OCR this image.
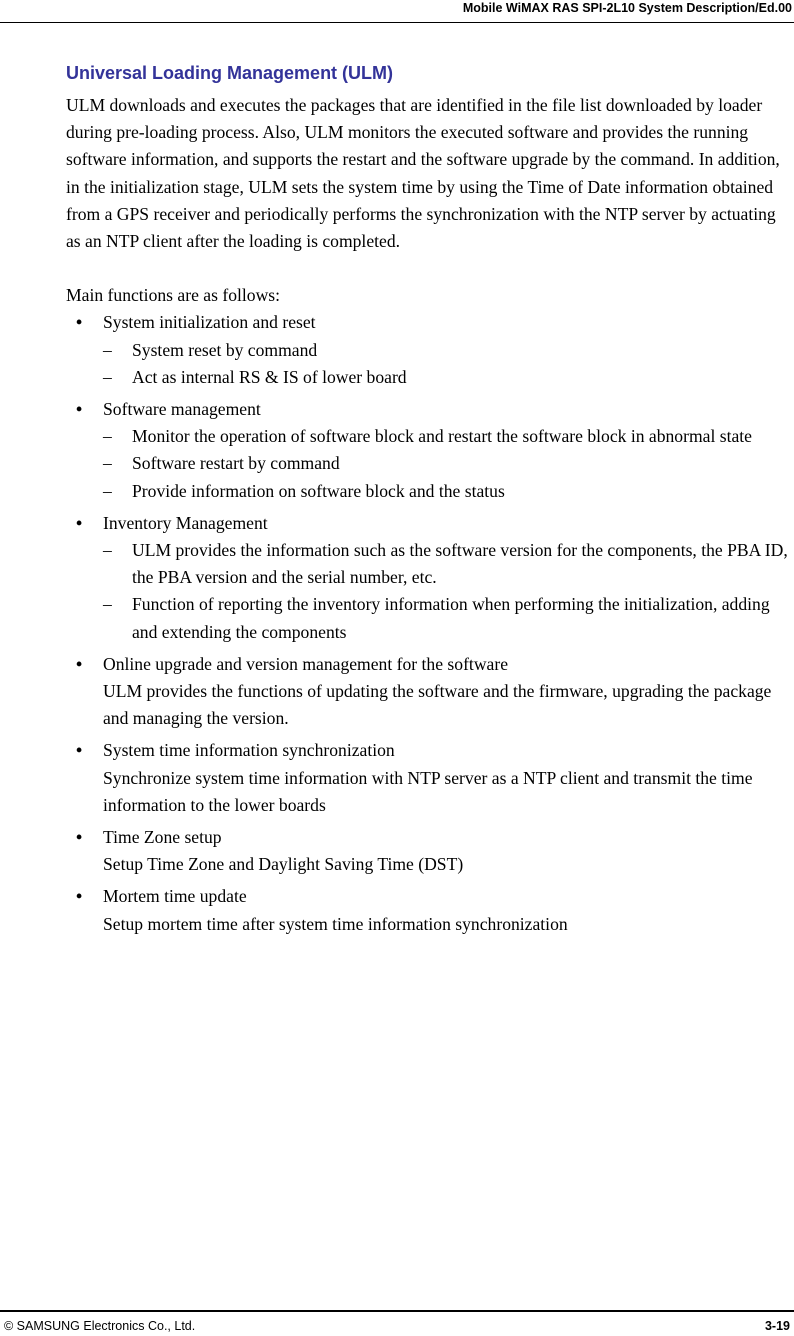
Mobile WiMAX RAS SPI-2L10 System Description/Ed.00
Universal Loading Management (ULM)

ULM downloads and executes the packages that are identified in the file list downloaded by loader during pre-loading process. Also, ULM monitors the executed software and provides the running software information, and supports the restart and the software upgrade by the command. In addition, in the initialization stage, ULM sets the system time by using the Time of Date information obtained from a GPS receiver and periodically performs the synchronization with the NTP server by actuating as an NTP client after the loading is completed.

Main functions are as follows:

• System initialization and reset
– System reset by command
– Act as internal RS & IS of lower board
• Software management
– Monitor the operation of software block and restart the software block in abnormal state
– Software restart by command
– Provide information on software block and the status
• Inventory Management
– ULM provides the information such as the software version for the components, the PBA ID, the PBA version and the serial number, etc.
– Function of reporting the inventory information when performing the initialization, adding and extending the components
• Online upgrade and version management for the software
ULM provides the functions of updating the software and the firmware, upgrading the package and managing the version.
• System time information synchronization
Synchronize system time information with NTP server as a NTP client and transmit the time information to the lower boards
• Time Zone setup
Setup Time Zone and Daylight Saving Time (DST)
• Mortem time update
Setup mortem time after system time information synchronization
© SAMSUNG Electronics Co., Ltd.	3-19
